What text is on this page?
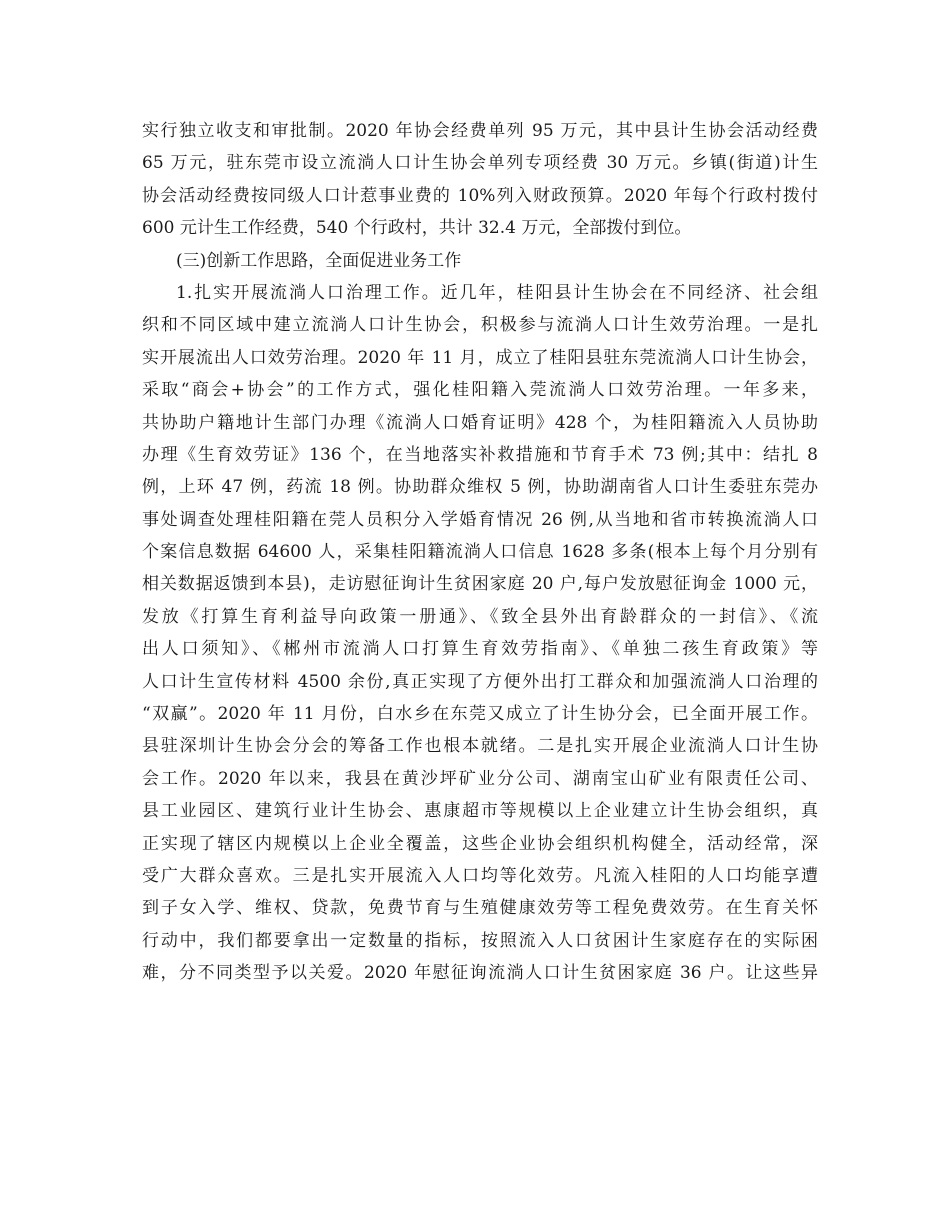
实行独立收支和审批制。2020 年协会经费单列 95 万元，其中县计生协会活动经费
65 万元，驻东莞市设立流淌人口计生协会单列专项经费 30 万元。乡镇(街道)计生
协会活动经费按同级人口计惹事业费的 10%列入财政预算。2020 年每个行政村拨付
600 元计生工作经费，540 个行政村，共计 32.4 万元，全部拨付到位。
(三)创新工作思路，全面促进业务工作
1.扎实开展流淌人口治理工作。近几年，桂阳县计生协会在不同经济、社会组
织和不同区域中建立流淌人口计生协会，积极参与流淌人口计生效劳治理。一是扎
实开展流出人口效劳治理。2020 年 11 月，成立了桂阳县驻东莞流淌人口计生协会，
采取“商会+协会”的工作方式，强化桂阳籍入莞流淌人口效劳治理。一年多来，
共协助户籍地计生部门办理《流淌人口婚育证明》428 个，为桂阳籍流入人员协助
办理《生育效劳证》136 个，在当地落实补救措施和节育手术 73 例;其中：结扎 8
例，上环 47 例，药流 18 例。协助群众维权 5 例，协助湖南省人口计生委驻东莞办
事处调查处理桂阳籍在莞人员积分入学婚育情况 26 例,从当地和省市转换流淌人口
个案信息数据 64600 人，采集桂阳籍流淌人口信息 1628 多条(根本上每个月分别有
相关数据返馈到本县)，走访慰征询计生贫困家庭 20 户,每户发放慰征询金 1000 元，
发放《打算生育利益导向政策一册通》、《致全县外出育龄群众的一封信》、《流
出人口须知》、《郴州市流淌人口打算生育效劳指南》、《单独二孩生育政策》等
人口计生宣传材料 4500 余份,真正实现了方便外出打工群众和加强流淌人口治理的
“双赢”。2020 年 11 月份，白水乡在东莞又成立了计生协分会，已全面开展工作。
县驻深圳计生协会分会的筹备工作也根本就绪。二是扎实开展企业流淌人口计生协
会工作。2020 年以来，我县在黄沙坪矿业分公司、湖南宝山矿业有限责任公司、
县工业园区、建筑行业计生协会、惠康超市等规模以上企业建立计生协会组织，真
正实现了辖区内规模以上企业全覆盖，这些企业协会组织机构健全，活动经常，深
受广大群众喜欢。三是扎实开展流入人口均等化效劳。凡流入桂阳的人口均能享遭
到子女入学、维权、贷款，免费节育与生殖健康效劳等工程免费效劳。在生育关怀
行动中，我们都要拿出一定数量的指标，按照流入人口贫困计生家庭存在的实际困
难，分不同类型予以关爱。2020 年慰征询流淌人口计生贫困家庭 36 户。让这些异
